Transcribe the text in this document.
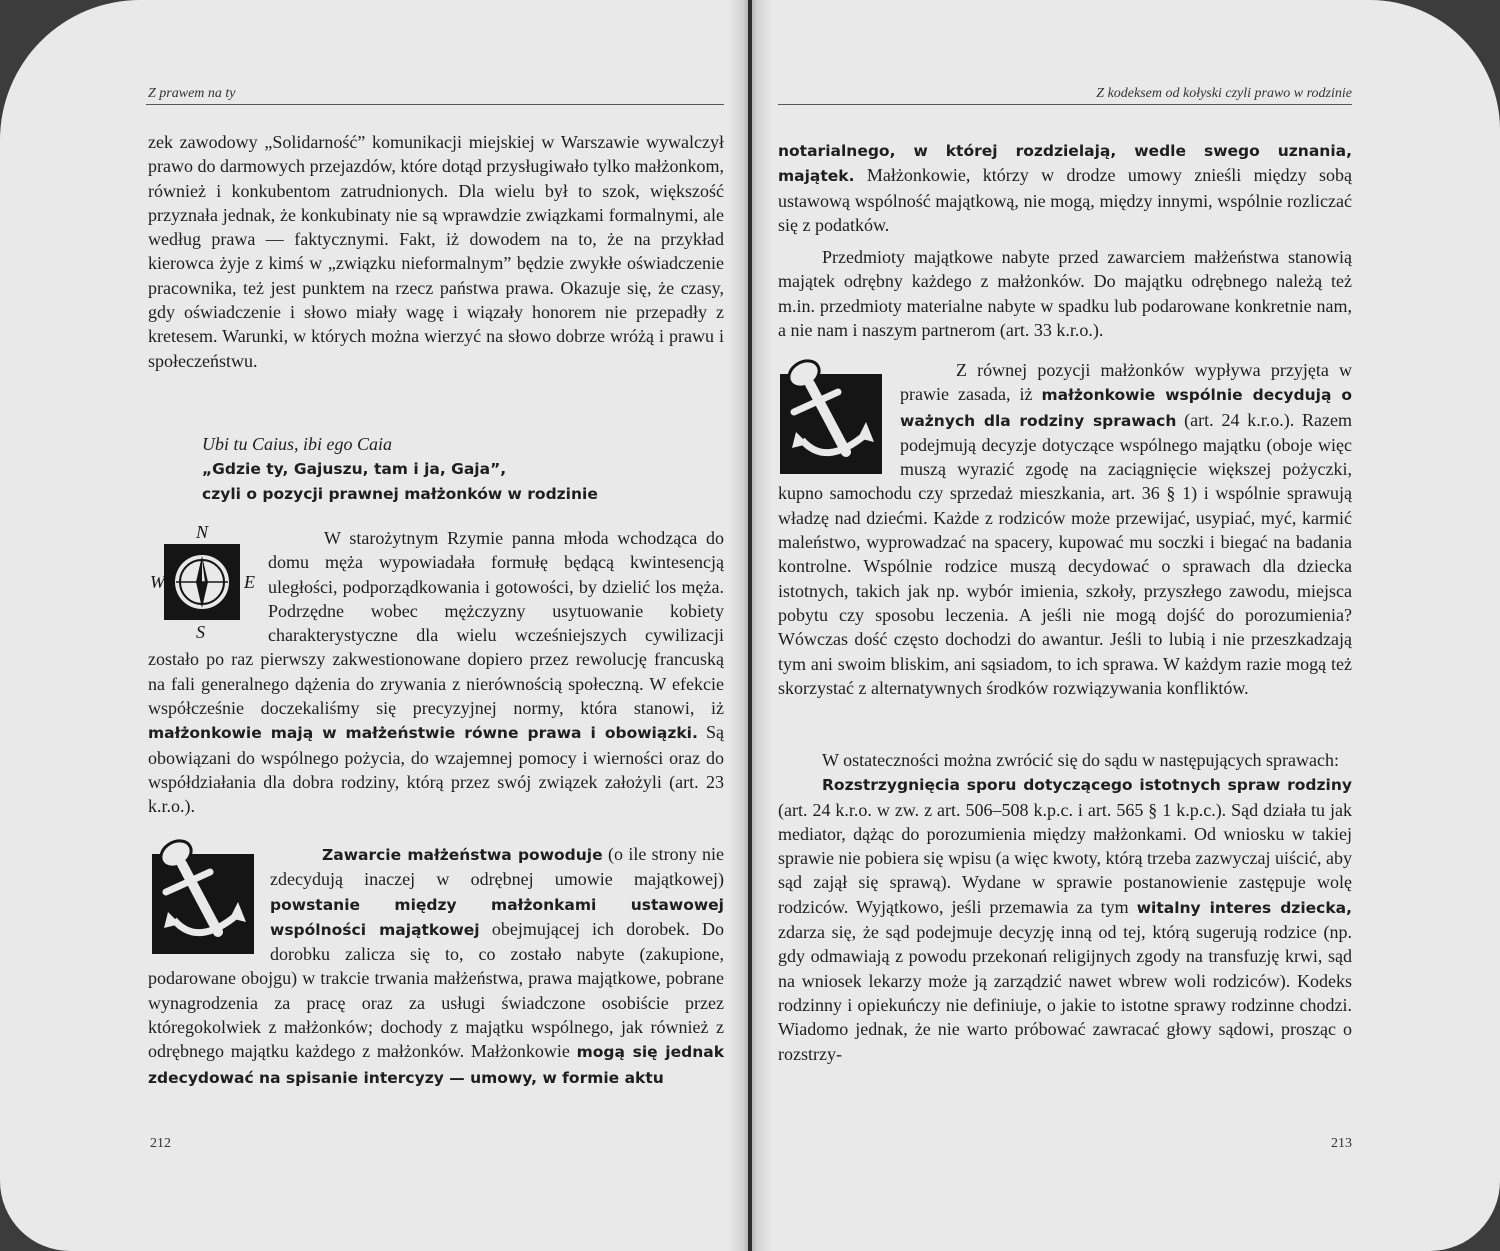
Z prawem na ty

zek zawodowy „Solidarność” komunikacji miejskiej w Warszawie wywalczył prawo do darmowych przejazdów, które dotąd przysługiwało tylko małżonkom, również i konkubentom zatrudnionych. Dla wielu był to szok, większość przyznała jednak, że konkubinaty nie są wprawdzie związkami formalnymi, ale według prawa — faktycznymi. Fakt, iż dowodem na to, że na przykład kierowca żyje z kimś w „związku nieformalnym” będzie zwykłe oświadczenie pracownika, też jest punktem na rzecz państwa prawa. Okazuje się, że czasy, gdy oświadczenie i słowo miały wagę i wiązały honorem nie przepadły z kretesem. Warunki, w których można wierzyć na słowo dobrze wróżą i prawu i społeczeństwu.

Ubi tu Caius, ibi ego Caia
„Gdzie ty, Gajuszu, tam i ja, Gaja”,
czyli o pozycji prawnej małżonków w rodzinie
N
W	E
S

W starożytnym Rzymie panna młoda wchodząca do domu męża wypowiadała formułę będącą kwintesencją uległości, podporządkowania i gotowości, by dzielić los męża. Podrzędne wobec mężczyzny usytuowanie kobiety charakterystyczne dla wielu wcześniejszych cywilizacji zostało po raz pierwszy zakwestionowane dopiero przez rewolucję francuską na fali generalnego dążenia do zrywania z nierównością społeczną. W efekcie współcześnie doczekaliśmy się precyzyjnej normy, która stanowi, iż małżonkowie mają w małżeństwie równe prawa i obowiązki. Są obowiązani do wspólnego pożycia, do wzajemnej pomocy i wierności oraz do współdziałania dla dobra rodziny, którą przez swój związek założyli (art. 23 k.r.o.).

Zawarcie małżeństwa powoduje (o ile strony nie zdecydują inaczej w odrębnej umowie majątkowej) powstanie między małżonkami ustawowej wspólności majątkowej obejmującej ich dorobek. Do dorobku zalicza się to, co zostało nabyte (zakupione, podarowane obojgu) w trakcie trwania małżeństwa, prawa majątkowe, pobrane wynagrodzenia za pracę oraz za usługi świadczone osobiście przez któregokolwiek z małżonków; dochody z majątku wspólnego, jak również z odrębnego majątku każdego z małżonków. Małżonkowie mogą się jednak zdecydować na spisanie intercyzy — umowy, w formie aktu

212
Z kodeksem od kołyski czyli prawo w rodzinie

notarialnego, w której rozdzielają, wedle swego uznania, majątek. Małżonkowie, którzy w drodze umowy znieśli między sobą ustawową wspólność majątkową, nie mogą, między innymi, wspólnie rozliczać się z podatków.

Przedmioty majątkowe nabyte przed zawarciem małżeństwa stanowią majątek odrębny każdego z małżonków. Do majątku odrębnego należą też m.in. przedmioty materialne nabyte w spadku lub podarowane konkretnie nam, a nie nam i naszym partnerom (art. 33 k.r.o.).

Z równej pozycji małżonków wypływa przyjęta w prawie zasada, iż małżonkowie wspólnie decydują o ważnych dla rodziny sprawach (art. 24 k.r.o.). Razem podejmują decyzje dotyczące wspólnego majątku (oboje więc muszą wyrazić zgodę na zaciągnięcie większej pożyczki, kupno samochodu czy sprzedaż mieszkania, art. 36 § 1) i wspólnie sprawują władzę nad dziećmi. Każde z rodziców może przewijać, usypiać, myć, karmić maleństwo, wyprowadzać na spacery, kupować mu soczki i biegać na badania kontrolne. Wspólnie rodzice muszą decydować o sprawach dla dziecka istotnych, takich jak np. wybór imienia, szkoły, przyszłego zawodu, miejsca pobytu czy sposobu leczenia. A jeśli nie mogą dojść do porozumienia? Wówczas dość często dochodzi do awantur. Jeśli to lubią i nie przeszkadzają tym ani swoim bliskim, ani sąsiadom, to ich sprawa. W każdym razie mogą też skorzystać z alternatywnych środków rozwiązywania konfliktów.

W ostateczności można zwrócić się do sądu w następujących sprawach:

Rozstrzygnięcia sporu dotyczącego istotnych spraw rodziny (art. 24 k.r.o. w zw. z art. 506–508 k.p.c. i art. 565 § 1 k.p.c.). Sąd działa tu jak mediator, dążąc do porozumienia między małżonkami. Od wniosku w takiej sprawie nie pobiera się wpisu (a więc kwoty, którą trzeba zazwyczaj uiścić, aby sąd zajął się sprawą). Wydane w sprawie postanowienie zastępuje wolę rodziców. Wyjątkowo, jeśli przemawia za tym witalny interes dziecka, zdarza się, że sąd podejmuje decyzję inną od tej, którą sugerują rodzice (np. gdy odmawiają z powodu przekonań religijnych zgody na transfuzję krwi, sąd na wniosek lekarzy może ją zarządzić nawet wbrew woli rodziców). Kodeks rodzinny i opiekuńczy nie definiuje, o jakie to istotne sprawy rodzinne chodzi. Wiadomo jednak, że nie warto próbować zawracać głowy sądowi, prosząc o rozstrzy-

213
